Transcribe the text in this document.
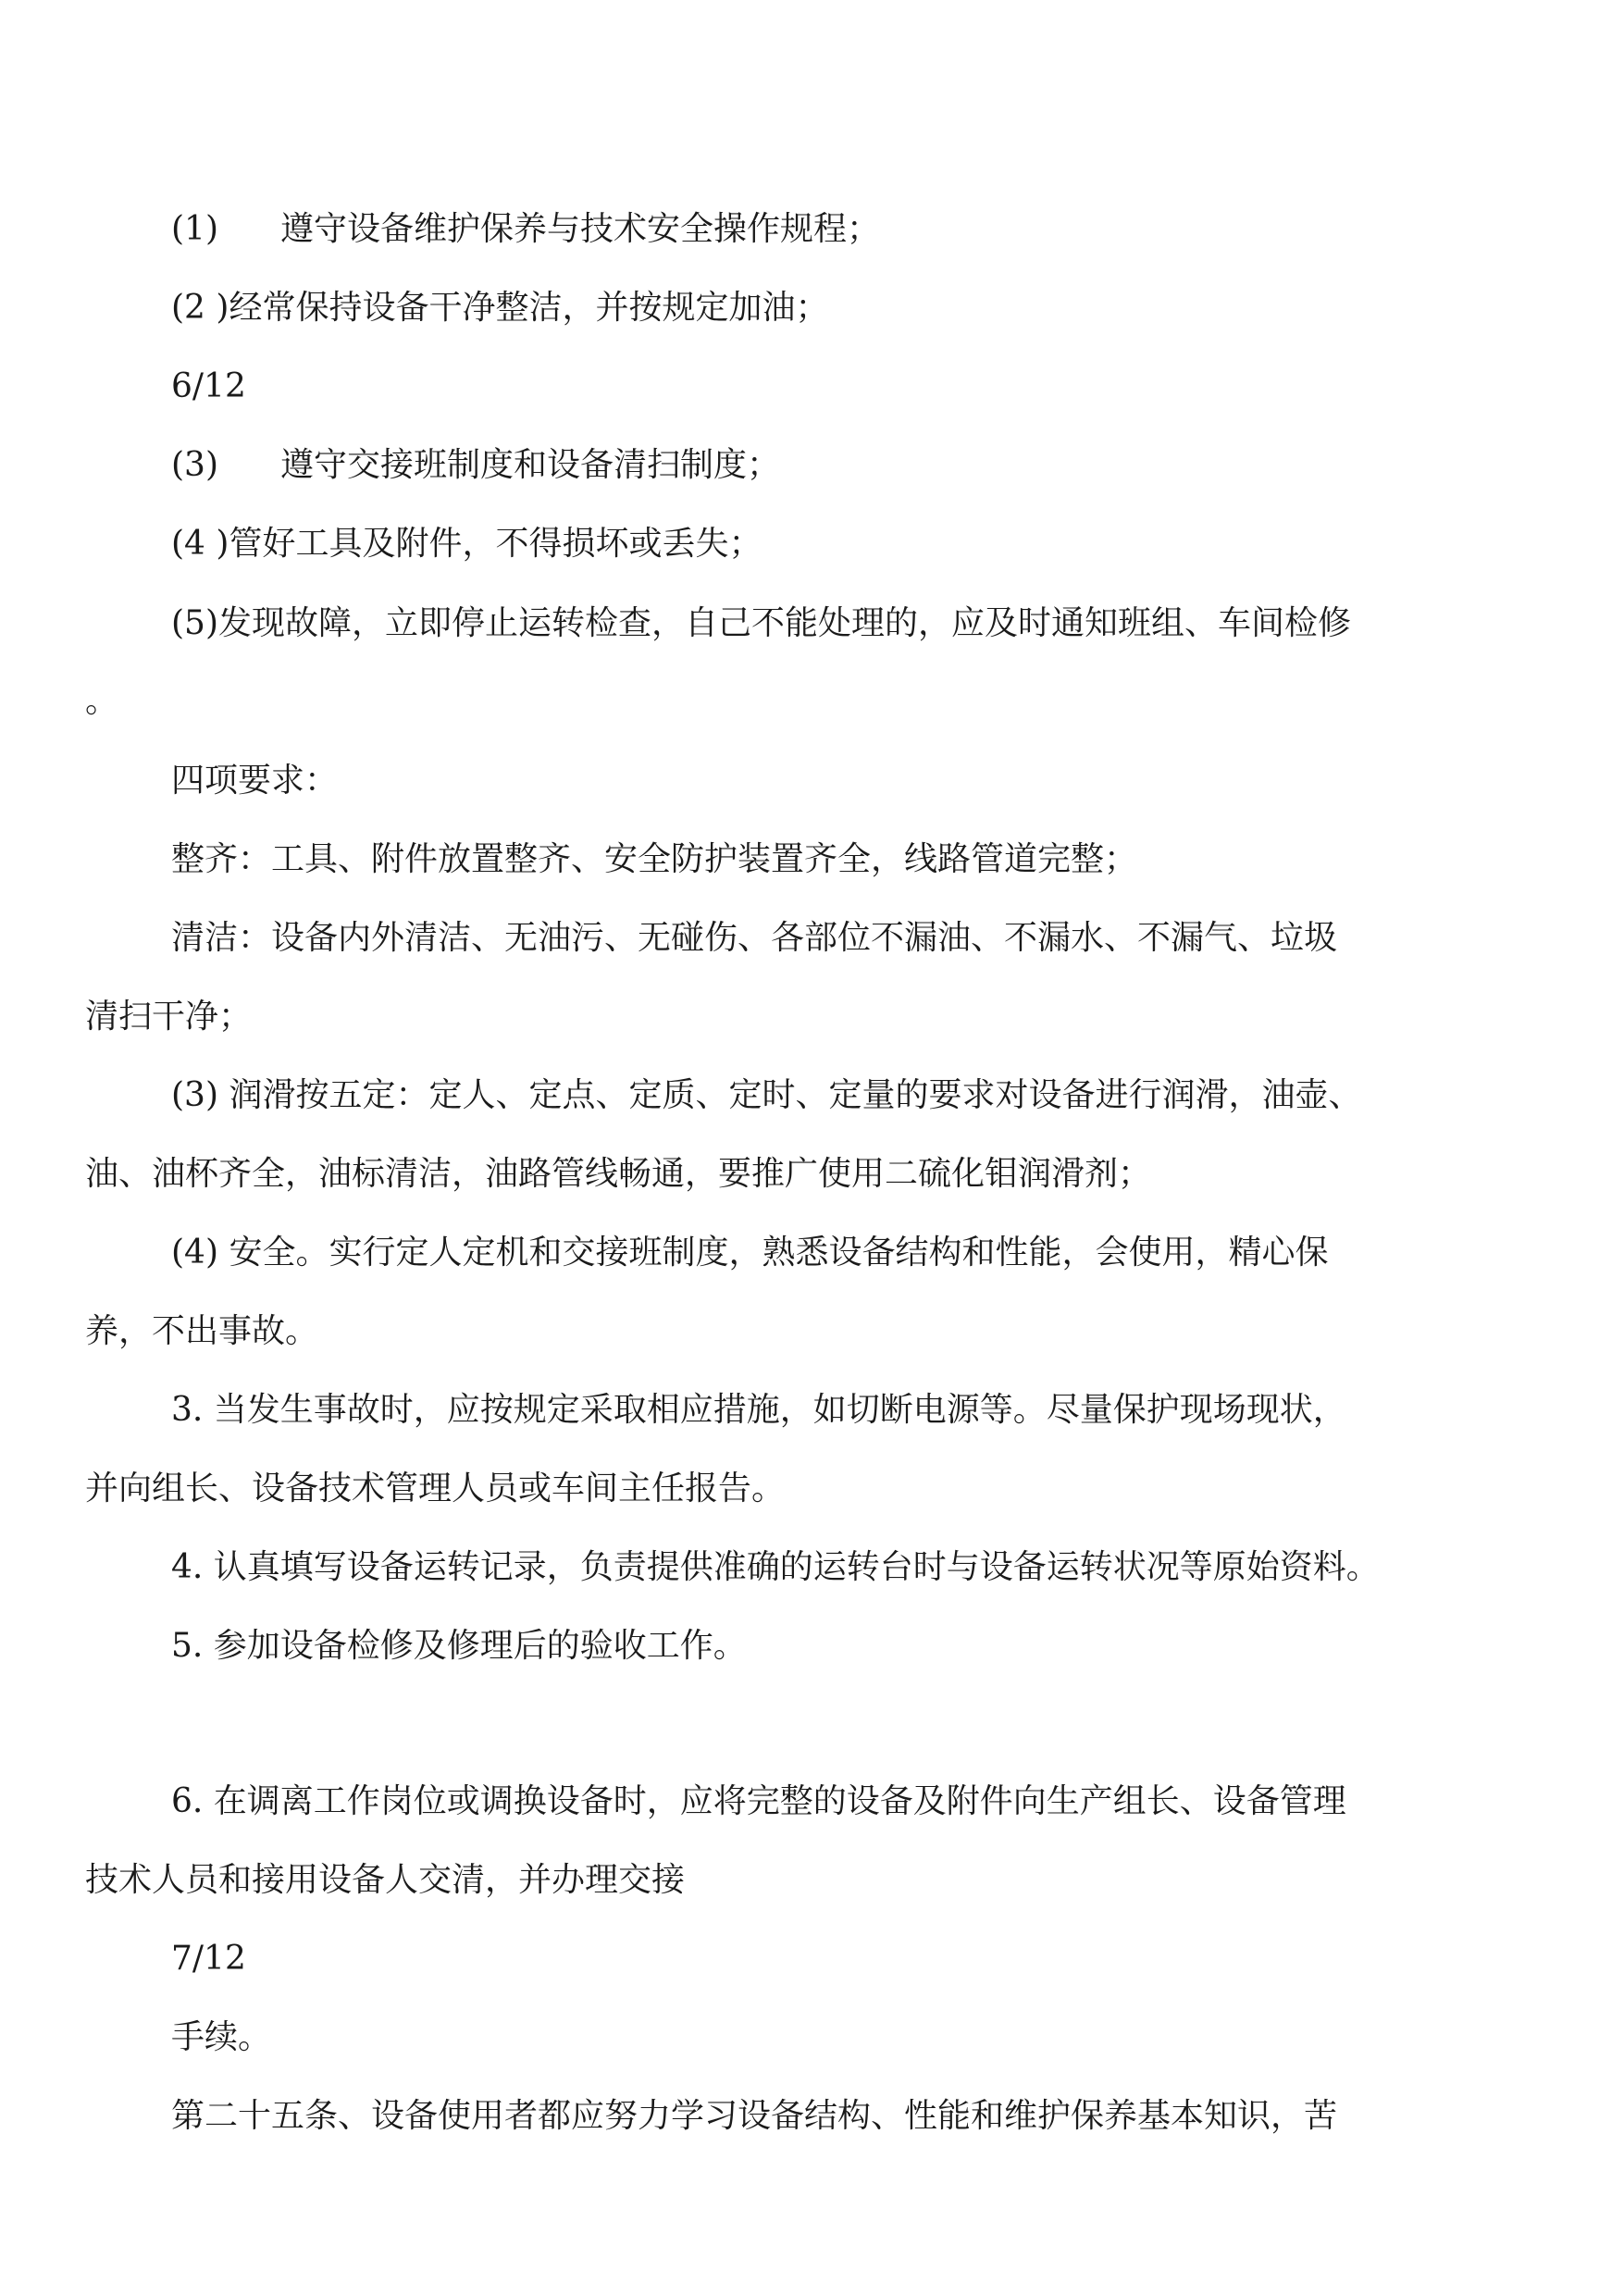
(1) 遵守设备维护保养与技术安全操作规程；
(2 )经常保持设备干净整洁，并按规定加油；
6/12
(3) 遵守交接班制度和设备清扫制度；
(4 )管好工具及附件，不得损坏或丢失；
(5)发现故障，立即停止运转检查，自己不能处理的，应及时通知班组、车间检修
。
四项要求：
整齐：工具、附件放置整齐、安全防护装置齐全，线路管道完整；
清洁：设备内外清洁、无油污、无碰伤、各部位不漏油、不漏水、不漏气、垃圾
清扫干净；
(3) 润滑按五定：定人、定点、定质、定时、定量的要求对设备进行润滑，油壶、
油、油杯齐全，油标清洁，油路管线畅通，要推广使用二硫化钼润滑剂；
(4) 安全。实行定人定机和交接班制度，熟悉设备结构和性能，会使用，精心保
养，不出事故。
3. 当发生事故时，应按规定采取相应措施，如切断电源等。尽量保护现场现状，
并向组长、设备技术管理人员或车间主任报告。
4. 认真填写设备运转记录，负责提供准确的运转台时与设备运转状况等原始资料。
5. 参加设备检修及修理后的验收工作。
6. 在调离工作岗位或调换设备时，应将完整的设备及附件向生产组长、设备管理
技术人员和接用设备人交清，并办理交接
7/12
手续。
第二十五条、设备使用者都应努力学习设备结构、性能和维护保养基本知识，苦
